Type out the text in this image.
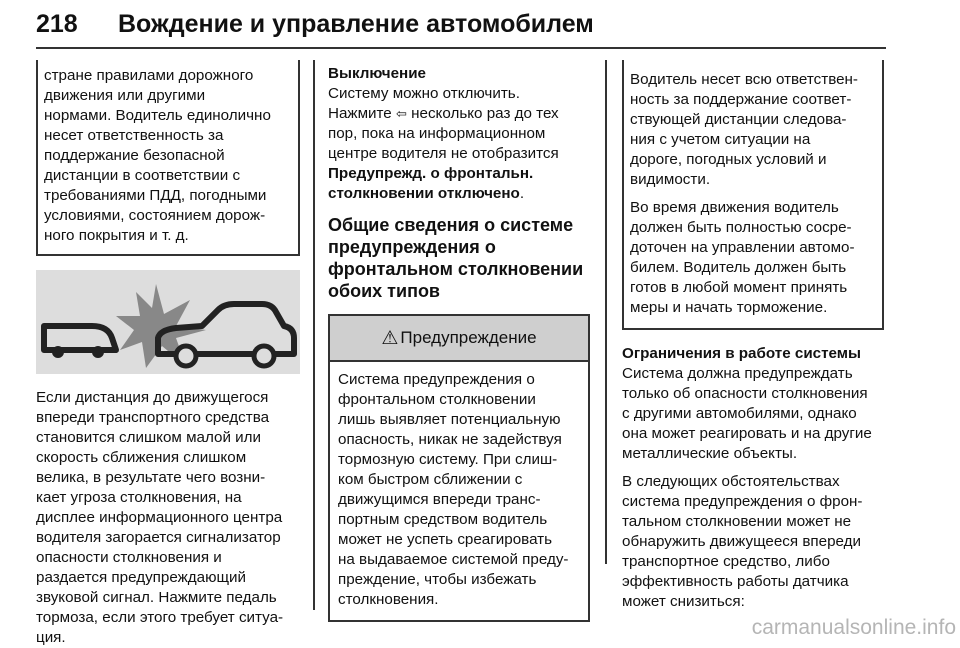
218 Вождение и управление автомобилем
стране правилами дорожного
движения или другими
нормами. Водитель единолично
несет ответственность за
поддержание безопасной
дистанции в соответствии с
требованиями ПДД, погодными
условиями, состоянием дорож-
ного покрытия и т. д.
Если дистанция до движущегося
впереди транспортного средства
становится слишком малой или
скорость сближения слишком
велика, в результате чего возни-
кает угроза столкновения, на
дисплее информационного центра
водителя загорается сигнализатор
опасности столкновения и
раздается предупреждающий
звуковой сигнал. Нажмите педаль
тормоза, если этого требует ситуа-
ция.
Выключение
Систему можно отключить.
Нажмите ⇦ несколько раз до тех
пор, пока на информационном
центре водителя не отобразится
Предупрежд. о фронтальн.
столкновении отключено.
Общие сведения о системе
предупреждения о
фронтальном столкновении
обоих типов
⚠ Предупреждение
Система предупреждения о
фронтальном столкновении
лишь выявляет потенциальную
опасность, никак не задействуя
тормозную систему. При слиш-
ком быстром сближении с
движущимся впереди транс-
портным средством водитель
может не успеть среагировать
на выдаваемое системой преду-
преждение, чтобы избежать
столкновения.
Водитель несет всю ответствен-
ность за поддержание соответ-
ствующей дистанции следова-
ния с учетом ситуации на
дороге, погодных условий и
видимости.
Во время движения водитель
должен быть полностью сосре-
доточен на управлении автомо-
билем. Водитель должен быть
готов в любой момент принять
меры и начать торможение.
Ограничения в работе системы
Система должна предупреждать
только об опасности столкновения
с другими автомобилями, однако
она может реагировать и на другие
металлические объекты.
В следующих обстоятельствах
система предупреждения о фрон-
тальном столкновении может не
обнаружить движущееся впереди
транспортное средство, либо
эффективность работы датчика
может снизиться:
carmanualsonline.info
